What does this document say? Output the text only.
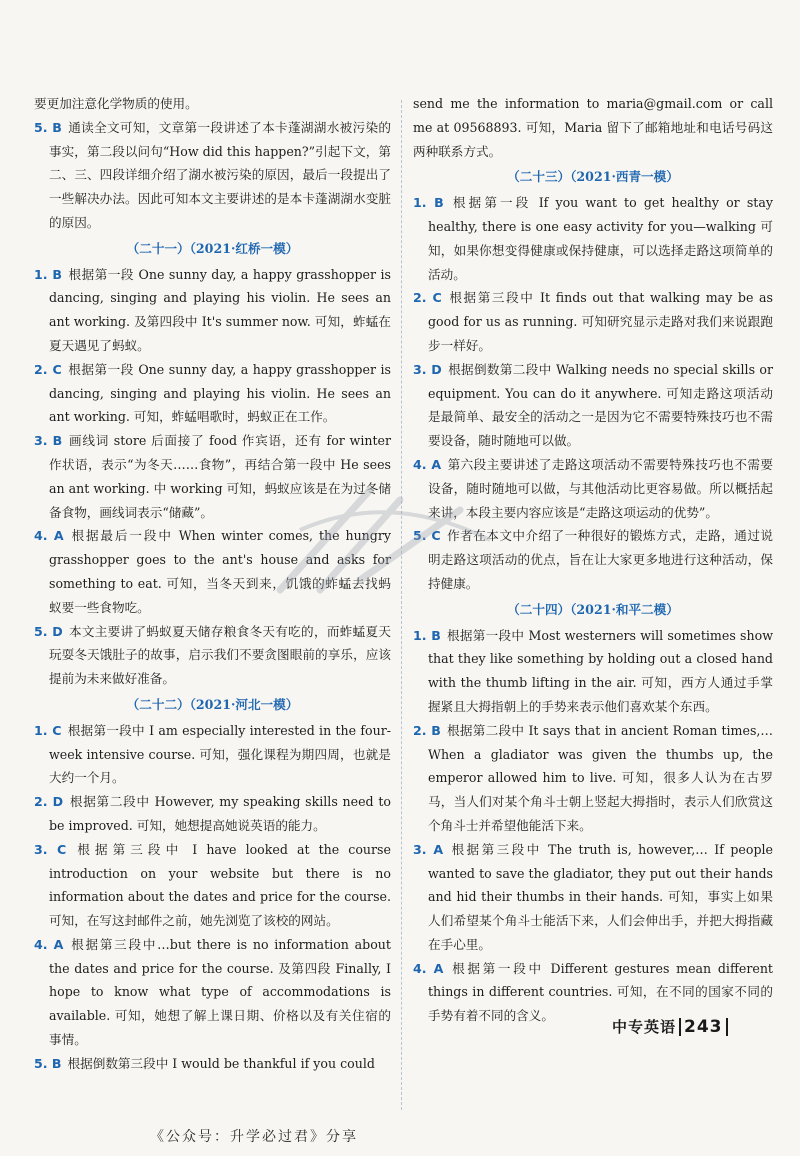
要更加注意化学物质的使用。
5. B 通读全文可知，文章第一段讲述了本卡蓬湖湖水被污染的事实，第二段以问句“How did this happen?”引起下文，第二、三、四段详细介绍了湖水被污染的原因，最后一段提出了一些解决办法。因此可知本文主要讲述的是本卡蓬湖湖水变脏的原因。
（二十一）（2021·红桥一模）
1. B 根据第一段 One sunny day, a happy grasshopper is dancing, singing and playing his violin. He sees an ant working. 及第四段中 It's summer now. 可知，蚱蜢在夏天遇见了蚂蚁。
2. C 根据第一段 One sunny day, a happy grasshopper is dancing, singing and playing his violin. He sees an ant working. 可知，蚱蜢唱歌时，蚂蚁正在工作。
3. B 画线词 store 后面接了 food 作宾语，还有 for winter 作状语，表示“为冬天……食物”，再结合第一段中 He sees an ant working. 中 working 可知，蚂蚁应该是在为过冬储备食物，画线词表示“储藏”。
4. A 根据最后一段中 When winter comes, the hungry grasshopper goes to the ant's house and asks for something to eat. 可知，当冬天到来，饥饿的蚱蜢去找蚂蚁要一些食物吃。
5. D 本文主要讲了蚂蚁夏天储存粮食冬天有吃的，而蚱蜢夏天玩耍冬天饿肚子的故事，启示我们不要贪图眼前的享乐，应该提前为未来做好准备。
（二十二）（2021·河北一模）
1. C 根据第一段中 I am especially interested in the four-week intensive course. 可知，强化课程为期四周，也就是大约一个月。
2. D 根据第二段中 However, my speaking skills need to be improved. 可知，她想提高她说英语的能力。
3. C 根据第三段中 I have looked at the course introduction on your website but there is no information about the dates and price for the course. 可知，在写这封邮件之前，她先浏览了该校的网站。
4. A 根据第三段中…but there is no information about the dates and price for the course. 及第四段 Finally, I hope to know what type of accommodations is available. 可知，她想了解上课日期、价格以及有关住宿的事情。
5. B 根据倒数第三段中 I would be thankful if you could
send me the information to maria@gmail.com or call me at 09568893. 可知，Maria 留下了邮箱地址和电话号码这两种联系方式。
（二十三）（2021·西青一模）
1. B 根据第一段 If you want to get healthy or stay healthy, there is one easy activity for you—walking 可知，如果你想变得健康或保持健康，可以选择走路这项简单的活动。
2. C 根据第三段中 It finds out that walking may be as good for us as running. 可知研究显示走路对我们来说跟跑步一样好。
3. D 根据倒数第二段中 Walking needs no special skills or equipment. You can do it anywhere. 可知走路这项活动是最简单、最安全的活动之一是因为它不需要特殊技巧也不需要设备，随时随地可以做。
4. A 第六段主要讲述了走路这项活动不需要特殊技巧也不需要设备，随时随地可以做，与其他活动比更容易做。所以概括起来讲，本段主要内容应该是“走路这项运动的优势”。
5. C 作者在本文中介绍了一种很好的锻炼方式，走路，通过说明走路这项活动的优点，旨在让大家更多地进行这种活动，保持健康。
（二十四）（2021·和平二模）
1. B 根据第一段中 Most westerners will sometimes show that they like something by holding out a closed hand with the thumb lifting in the air. 可知，西方人通过手掌握紧且大拇指朝上的手势来表示他们喜欢某个东西。
2. B 根据第二段中 It says that in ancient Roman times,… When a gladiator was given the thumbs up, the emperor allowed him to live. 可知，很多人认为在古罗马，当人们对某个角斗士朝上竖起大拇指时，表示人们欣赏这个角斗士并希望他能活下来。
3. A 根据第三段中 The truth is, however,… If people wanted to save the gladiator, they put out their hands and hid their thumbs in their hands. 可知，事实上如果人们希望某个角斗士能活下来，人们会伸出手，并把大拇指藏在手心里。
4. A 根据第一段中 Different gestures mean different things in different countries. 可知，在不同的国家不同的手势有着不同的含义。
中专英语 243
《公众号：升学必过君》分享
